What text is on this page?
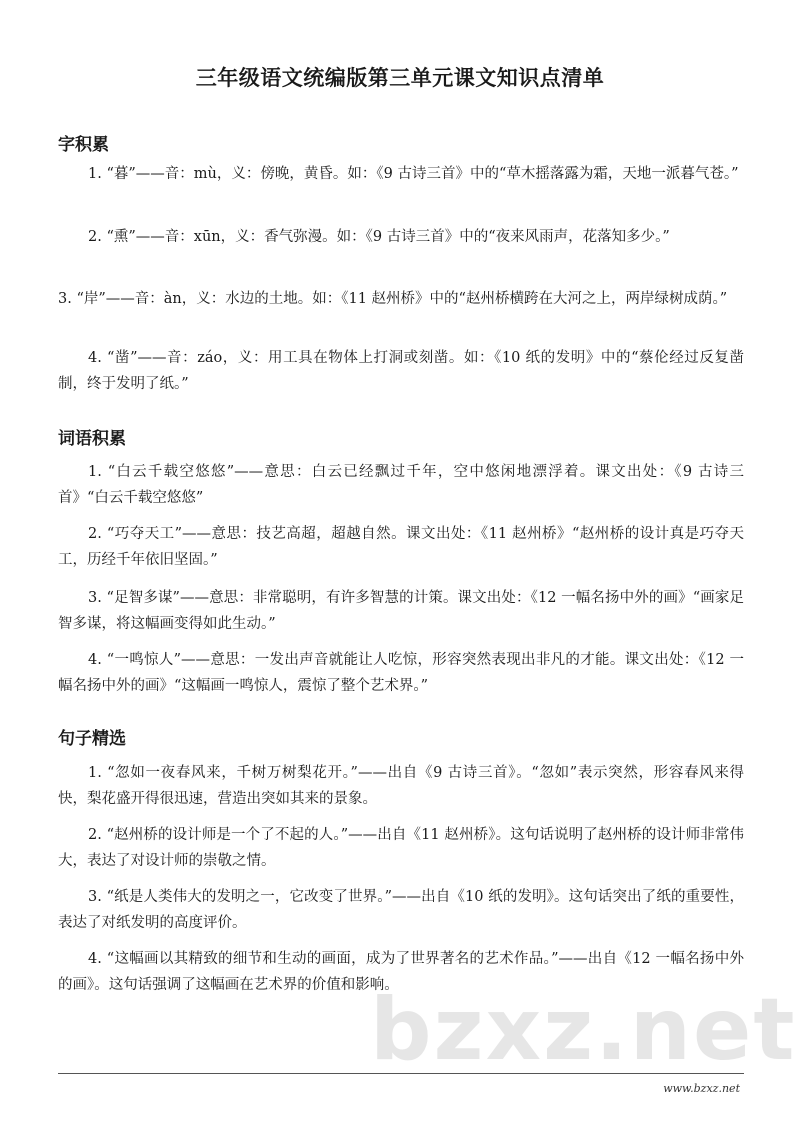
三年级语文统编版第三单元课文知识点清单
字积累
1. “暮”——音：mù，义：傍晚，黄昏。如：《9 古诗三首》中的“草木摇落露为霜，天地一派暮气苍。”
2. “熏”——音：xūn，义：香气弥漫。如：《9 古诗三首》中的“夜来风雨声，花落知多少。”
3. “岸”——音：àn，义：水边的土地。如：《11 赵州桥》中的“赵州桥横跨在大河之上，两岸绿树成荫。”
4. “凿”——音：záo，义：用工具在物体上打洞或刻凿。如：《10 纸的发明》中的“蔡伦经过反复凿制，终于发明了纸。”
词语积累
1. “白云千载空悠悠”——意思：白云已经飘过千年，空中悠闲地漂浮着。课文出处：《9 古诗三首》“白云千载空悠悠”
2. “巧夺天工”——意思：技艺高超，超越自然。课文出处：《11 赵州桥》“赵州桥的设计真是巧夺天工，历经千年依旧坚固。”
3. “足智多谋”——意思：非常聪明，有许多智慧的计策。课文出处：《12 一幅名扬中外的画》“画家足智多谋，将这幅画变得如此生动。”
4. “一鸣惊人”——意思：一发出声音就能让人吃惊，形容突然表现出非凡的才能。课文出处：《12 一幅名扬中外的画》“这幅画一鸣惊人，震惊了整个艺术界。”
句子精选
1. “忽如一夜春风来，千树万树梨花开。”——出自《9 古诗三首》。“忽如”表示突然，形容春风来得快，梨花盛开得很迅速，营造出突如其来的景象。
2. “赵州桥的设计师是一个了不起的人。”——出自《11 赵州桥》。这句话说明了赵州桥的设计师非常伟大，表达了对设计师的崇敬之情。
3. “纸是人类伟大的发明之一，它改变了世界。”——出自《10 纸的发明》。这句话突出了纸的重要性，表达了对纸发明的高度评价。
4. “这幅画以其精致的细节和生动的画面，成为了世界著名的艺术作品。”——出自《12 一幅名扬中外的画》。这句话强调了这幅画在艺术界的价值和影响。
bzxz.net
www.bzxz.net
